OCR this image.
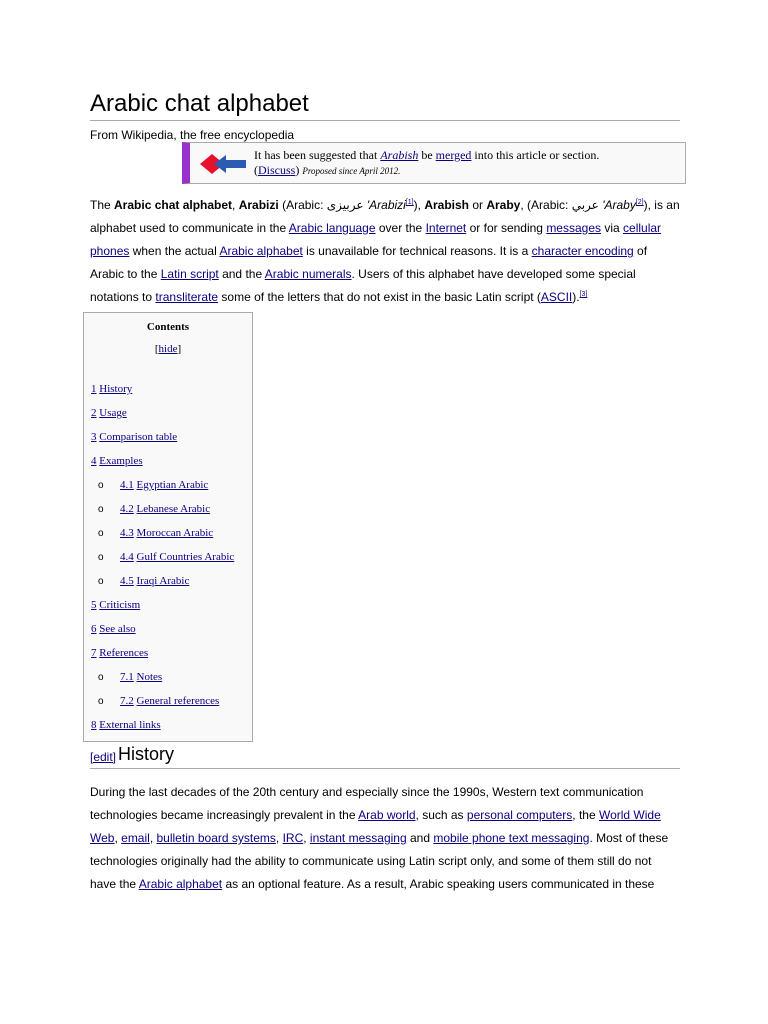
Arabic chat alphabet
From Wikipedia, the free encyclopedia
It has been suggested that Arabish be merged into this article or section.
(Discuss) Proposed since April 2012.

The Arabic chat alphabet, Arabizi (Arabic: عربيزى 'Arabizi[1]), Arabish or Araby, (Arabic: عربي 'Araby[2]), is an alphabet used to communicate in the Arabic language over the Internet or for sending messages via cellular phones when the actual Arabic alphabet is unavailable for technical reasons. It is a character encoding of Arabic to the Latin script and the Arabic numerals. Users of this alphabet have developed some special notations to transliterate some of the letters that do not exist in the basic Latin script (ASCII).[3]

Contents
[hide]
1 History
2 Usage
3 Comparison table
4 Examples
o 4.1 Egyptian Arabic
o 4.2 Lebanese Arabic
o 4.3 Moroccan Arabic
o 4.4 Gulf Countries Arabic
o 4.5 Iraqi Arabic
5 Criticism
6 See also
7 References
o 7.1 Notes
o 7.2 General references
8 External links
[edit] History

During the last decades of the 20th century and especially since the 1990s, Western text communication technologies became increasingly prevalent in the Arab world, such as personal computers, the World Wide Web, email, bulletin board systems, IRC, instant messaging and mobile phone text messaging. Most of these technologies originally had the ability to communicate using Latin script only, and some of them still do not have the Arabic alphabet as an optional feature. As a result, Arabic speaking users communicated in these
